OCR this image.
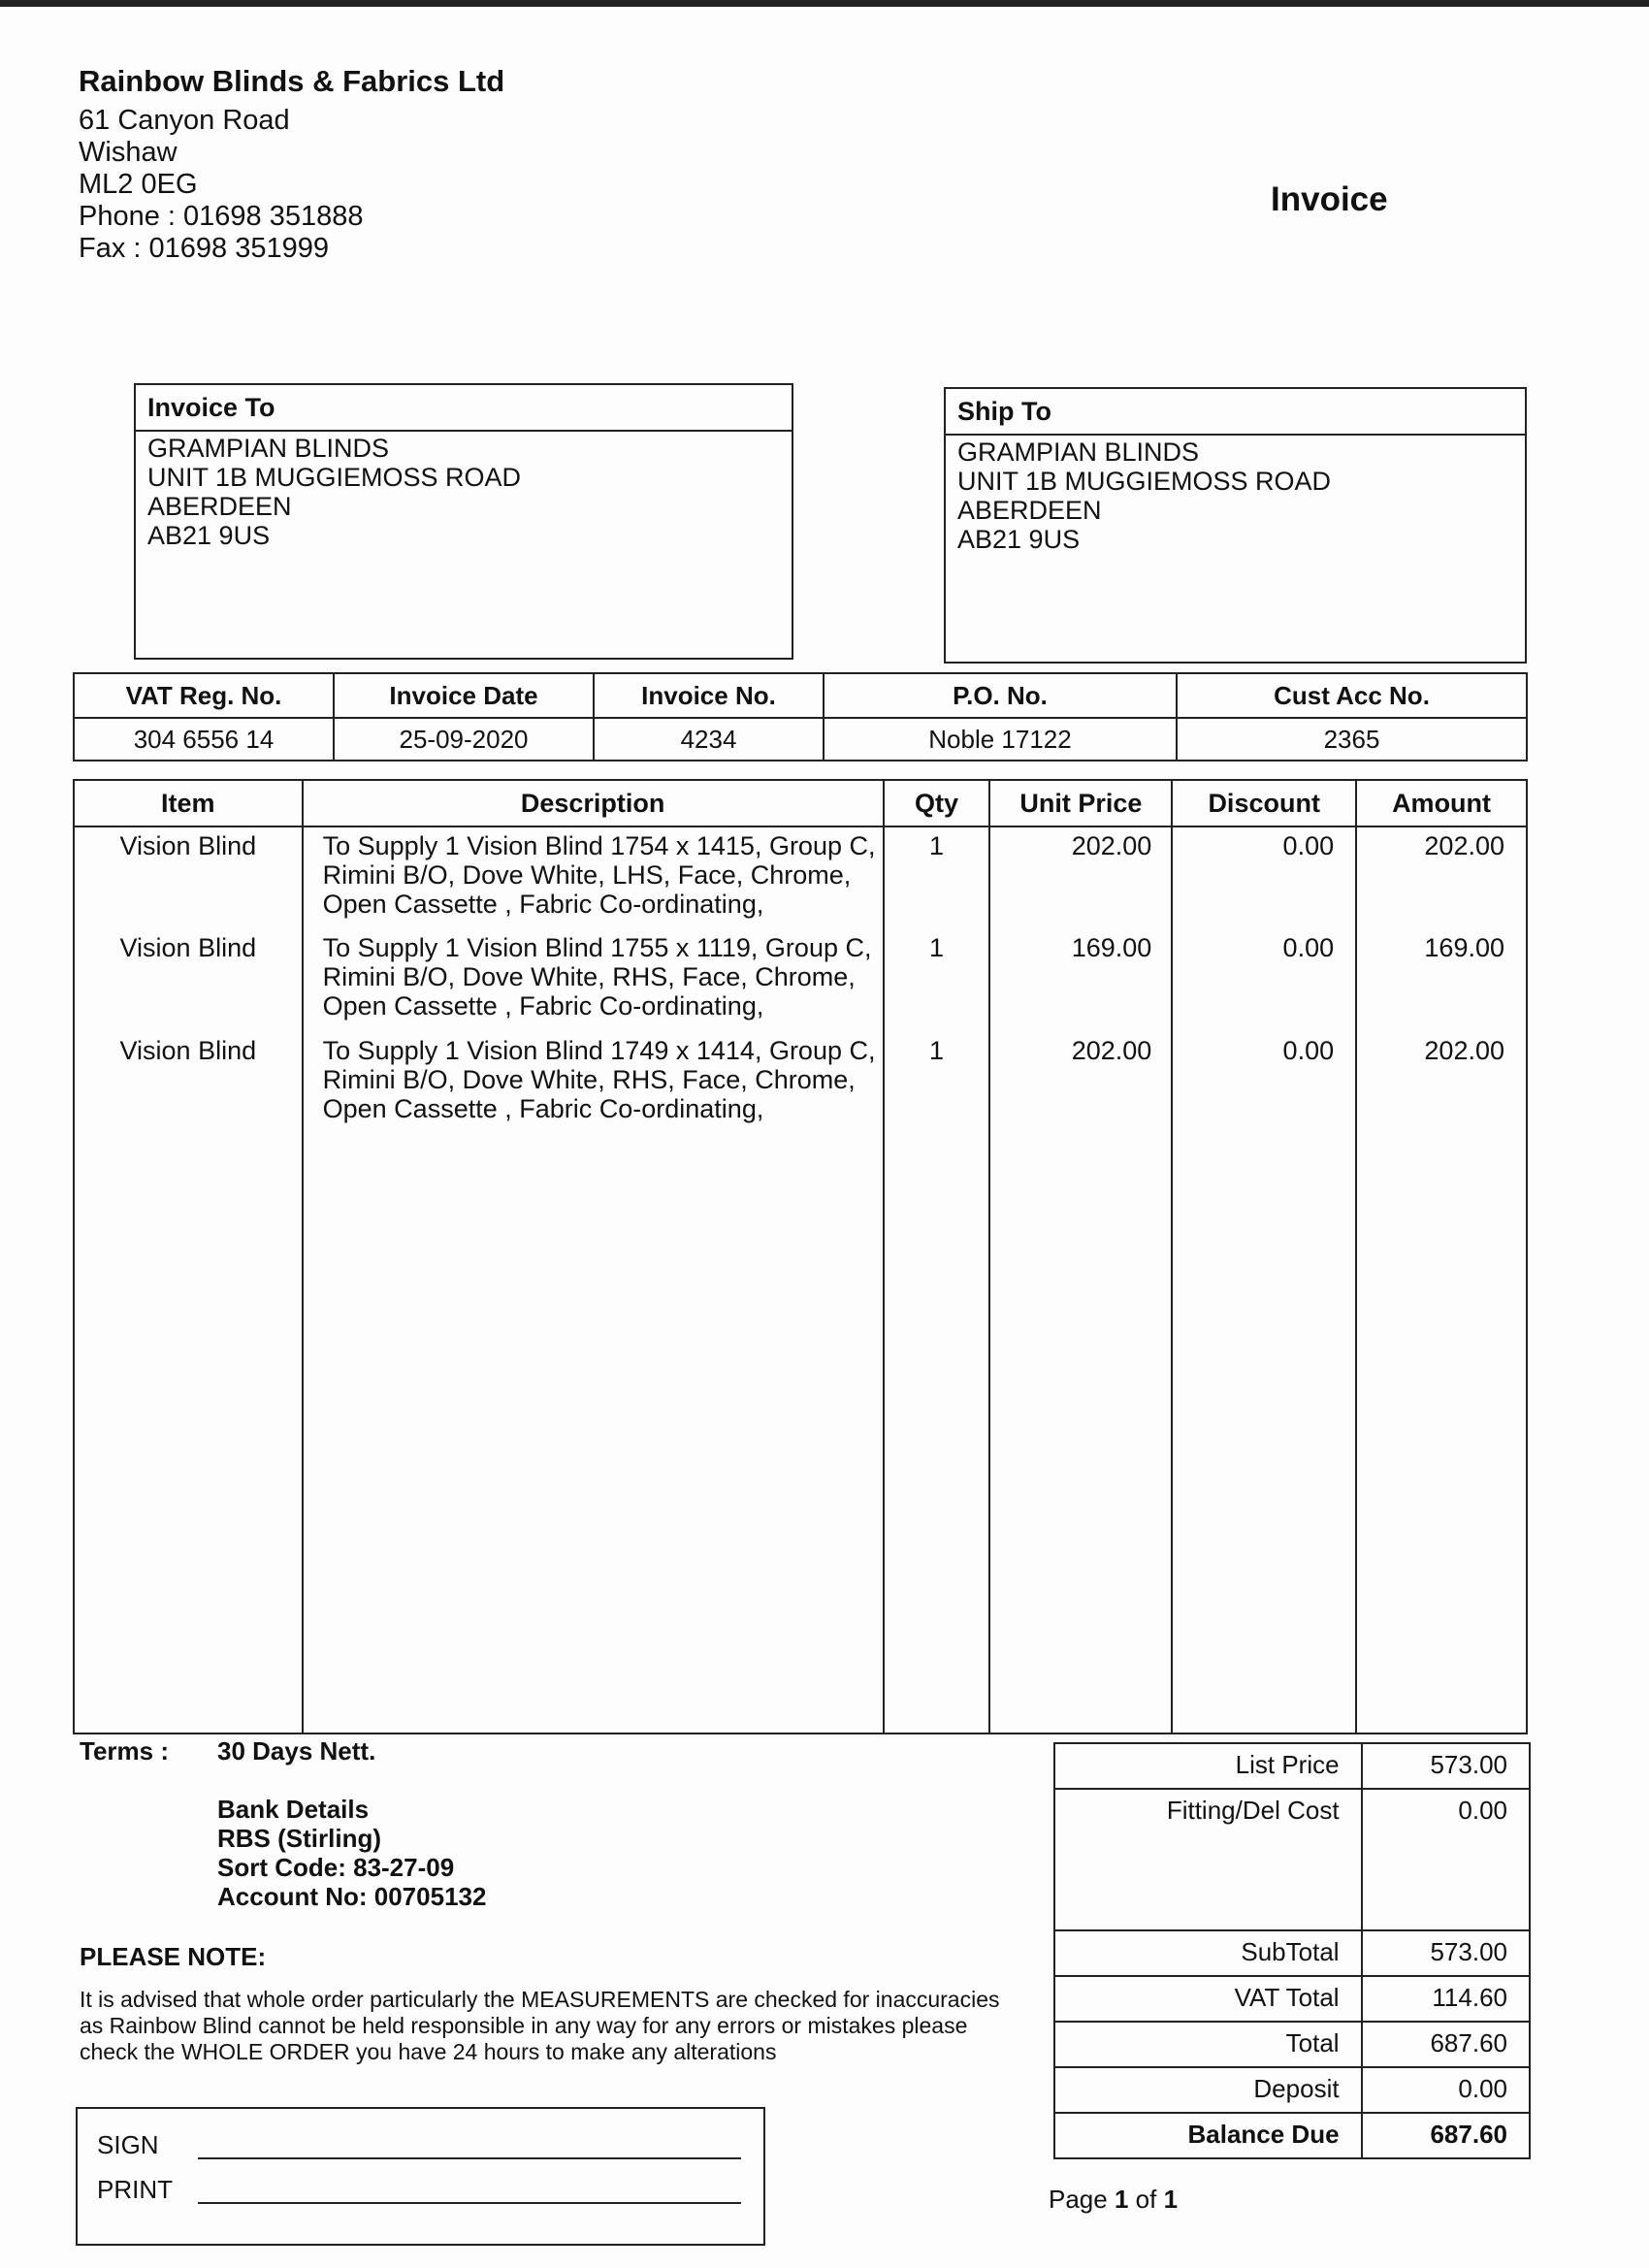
Rainbow Blinds & Fabrics Ltd
61 Canyon Road
Wishaw
ML2 0EG
Phone : 01698 351888
Fax : 01698 351999
Invoice
Invoice To
GRAMPIAN BLINDS
UNIT 1B MUGGIEMOSS ROAD
ABERDEEN
AB21 9US
Ship To
GRAMPIAN BLINDS
UNIT 1B MUGGIEMOSS ROAD
ABERDEEN
AB21 9US
VAT Reg. No.	Invoice Date	Invoice No.	P.O. No.	Cust Acc No.
304 6556 14	25-09-2020	4234	Noble 17122	2365
Item	Description	Qty	Unit Price	Discount	Amount
Vision Blind	To Supply 1 Vision Blind 1754 x 1415, Group C, Rimini B/O, Dove White, LHS, Face, Chrome, Open Cassette , Fabric Co-ordinating,	1	202.00	0.00	202.00
Vision Blind	To Supply 1 Vision Blind 1755 x 1119, Group C, Rimini B/O, Dove White, RHS, Face, Chrome, Open Cassette , Fabric Co-ordinating,	1	169.00	0.00	169.00
Vision Blind	To Supply 1 Vision Blind 1749 x 1414, Group C, Rimini B/O, Dove White, RHS, Face, Chrome, Open Cassette , Fabric Co-ordinating,	1	202.00	0.00	202.00

Terms : 30 Days Nett.
Bank Details
RBS (Stirling)
Sort Code: 83-27-09
Account No: 00705132
PLEASE NOTE:
It is advised that whole order particularly the MEASUREMENTS are checked for inaccuracies as Rainbow Blind cannot be held responsible in any way for any errors or mistakes please check the WHOLE ORDER you have 24 hours to make any alterations
SIGN
PRINT
List Price	573.00
Fitting/Del Cost	0.00
SubTotal	573.00
VAT Total	114.60
Total	687.60
Deposit	0.00
Balance Due	687.60
Page 1 of 1
